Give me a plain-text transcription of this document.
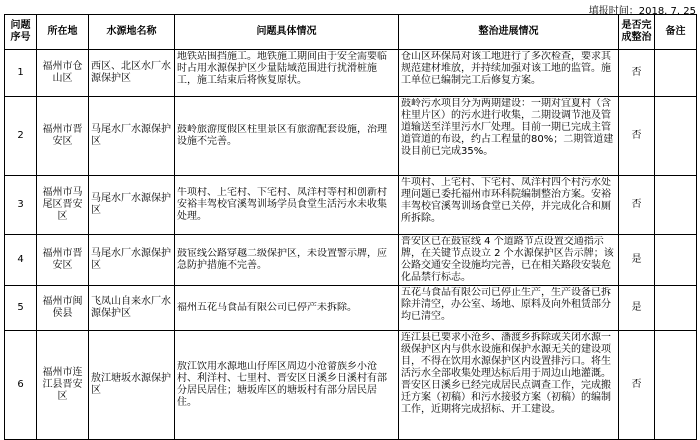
填报时间：2018. 7. 25
问题序号	所在地	水源地名称	问题具体情况	整治进展情况	是否完成整治	备注
1	福州市仓山区	西区、北区水厂水源保护区	地铁站围挡施工。地铁施工期间由于安全需要临时占用水源保护区少量陆域范围进行扰滑桩施工，施工结束后将恢复原状。	仓山区环保局对该工地进行了多次检查，要求其规范建材堆放，并持续加强对该工地的监管。施工单位已编制完工后修复方案。	否	
2	福州市晋安区	马尾水厂水源保护区	鼓岭旅游度假区柱里景区有旅游配套设施，治理设施不完善。	鼓岭污水项目分为两期建设：一期对宜夏村（含柱里片区）的污水进行收集，二期设调节池及管道输送至洋里污水厂处理。目前一期已完成主管道管道的布设，约占工程量的80%；二期管道建设目前已完成35%。	否	
3	福州市马尾区晋安区	马尾水厂水源保护区	牛项村、上宅村、下宅村、凤洋村等村和创新村安裕丰驾校官溪驾训场学员食堂生活污水未收集处理。	牛项村、上宅村、下宅村、凤洋村四个村污水处理问题已委托福州市环科院编制整治方案。安裕丰驾校官溪驾训场食堂已关停，并完成化合和厕所拆除。	否	
4	福州市晋安区	马尾水厂水源保护区	鼓宦线公路穿越二级保护区，未设置警示牌，应急防护措施不完善。	晋安区已在鼓宦线 4 个道路节点设置交通指示牌，在关键节点设立 2 个水源保护区告示牌；该公路交通安全设施均完善，已在相关路段安装危化品禁行标志。	是	
5	福州市闽侯县	飞凤山自来水厂水源保护区	福州五花马食品有限公司已停产未拆除。	五花马食品有限公司已停止生产，生产设备已拆除并清空，办公室、场地、原料及向外租赁部分均已清空。	是	
6	福州市连江县晋安区	敖江塘坂水源保护区	敖江饮用水源地山仔库区周边小沧畲族乡小沧村、利洋村、七里村、晋安区日溪乡日溪村有部分居民居住；塘坂库区的塘坂村有部分居民居住。	连江县已要求小沧乡、潘渡乡拆除或关闭水源一级保护区内与供水设施和保护水源无关的建设项目，不得在饮用水源保护区内设置排污口。将生活污水全部收集处理达标后用于周边山地灌溉。晋安区日溪乡已经完成居民点调查工作，完成搬迁方案（初稿）和污水接驳方案（初稿）的编制工作，近期将完成招标、开工建设。	否	
